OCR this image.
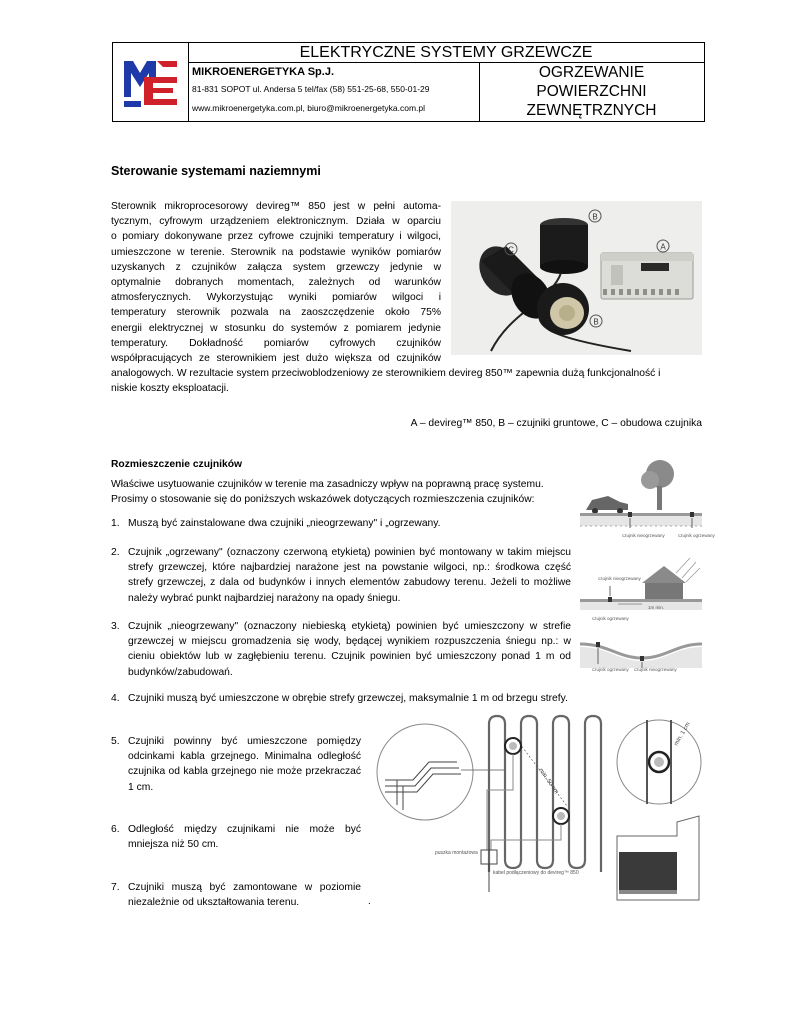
ELEKTRYCZNE SYSTEMY GRZEWCZE
MIKROENERGETYKA Sp.J.
81-831 SOPOT ul. Andersa 5 tel/fax (58) 551-25-68, 550-01-29
www.mikroenergetyka.com.pl, biuro@mikroenergetyka.com.pl
OGRZEWANIE
POWIERZCHNI
ZEWNĘTRZNYCH
Sterowanie systemami naziemnymi
Sterownik mikroprocesorowy devireg™ 850 jest w pełni automa-
tycznym, cyfrowym urządzeniem elektronicznym. Działa w oparciu
o pomiary dokonywane przez cyfrowe czujniki temperatury i wilgoci,
umieszczone w terenie. Sterownik na podstawie wyników pomiarów
uzyskanych z czujników załącza system grzewczy jedynie w
optymalnie dobranych momentach, zależnych od warunków
atmosferycznych. Wykorzystując wyniki pomiarów wilgoci i
temperatury sterownik pozwala na zaoszczędzenie około 75%
energii elektrycznej w stosunku do systemów z pomiarem jedynie
temperatury. Dokładność pomiarów cyfrowych czujników
współpracujących ze sterownikiem jest dużo większa od czujników
analogowych. W rezultacie system przeciwoblodzeniowy ze sterownikiem devireg 850™ zapewnia dużą funkcjonalność i
niskie koszty eksploatacji.
B
A
C
B
A – devireg™ 850, B – czujniki gruntowe, C – obudowa czujnika
Rozmieszczenie czujników
Właściwe usytuowanie czujników w terenie ma zasadniczy wpływ na poprawną pracę systemu.
Prosimy o stosowanie się do poniższych wskazówek dotyczących rozmieszczenia czujników:
1. Muszą być zainstalowane dwa czujniki „nieogrzewany" i „ogrzewany.
2. Czujnik „ogrzewany" (oznaczony czerwoną etykietą) powinien być montowany w takim miejscu strefy grzewczej, które najbardziej narażone jest na powstanie wilgoci, np.: środkowa część strefy grzewczej, z dala od budynków i innych elementów zabudowy terenu. Jeżeli to możliwe należy wybrać punkt najbardziej narażony na opady śniegu.
3. Czujnik „nieogrzewany" (oznaczony niebieską etykietą) powinien być umieszczony w strefie grzewczej w miejscu gromadzenia się wody, będącej wynikiem rozpuszczenia śniegu np.: w cieniu obiektów lub w zagłębieniu terenu. Czujnik powinien być umieszczony ponad 1 m od budynków/zabudowań.
4. Czujniki muszą być umieszczone w obrębie strefy grzewczej, maksymalnie 1 m od brzegu strefy.
5. Czujniki powinny być umieszczone pomiędzy odcinkami kabla grzejnego. Minimalna odległość czujnika od kabla grzejnego nie może przekraczać 1 cm.
6. Odległość między czujnikami nie może być mniejsza niż 50 cm.
7. Czujniki muszą być zamontowane w poziomie niezależnie od ukształtowania terenu.
czujnik nieogrzewany	czujnik ogrzewany
czujnik nieogrzewany
1m min.
czujnik ogrzewany
czujnik ogrzewany czujnik nieogrzewany
min. 50 cm
puszka montażowa
kabel podłączeniowy do devireg™ 850
min. 1 cm
.
